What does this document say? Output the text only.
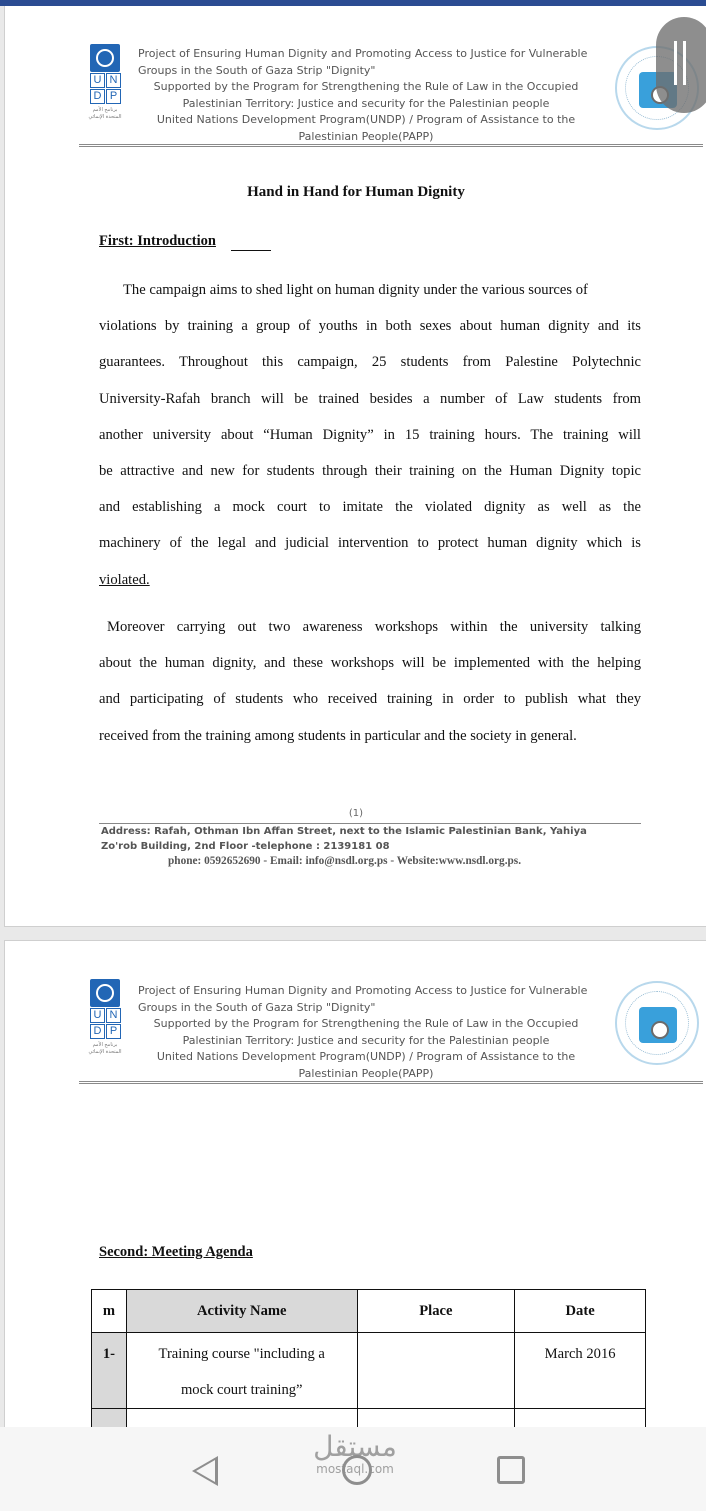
U N
D P
برنامج الأمم المتحدة الإنمائي
Project of Ensuring Human Dignity and Promoting Access to Justice for Vulnerable
Groups in the South of Gaza Strip "Dignity"
Supported by the Program for Strengthening the Rule of Law in the Occupied
Palestinian Territory: Justice and security for the Palestinian people
United Nations Development Program(UNDP) / Program of Assistance to the
Palestinian People(PAPP)
Hand in Hand for Human Dignity
First: Introduction
The campaign aims to shed light on human dignity under the various sources of
violations by training a group of youths in both sexes about human dignity and its
guarantees. Throughout this campaign, 25 students from Palestine Polytechnic
University-Rafah branch will be trained besides a number of Law students from
another university about “Human Dignity” in 15 training hours. The training will
be attractive and new for students through their training on the Human Dignity topic
and establishing a mock court to imitate the violated dignity as well as the
machinery of the legal and judicial intervention to protect human dignity which is
violated.
Moreover carrying out two awareness workshops within the university talking
about the human dignity, and these workshops will be implemented with the helping
and participating of students who received training in order to publish what they
received from the training among students in particular and the society in general.
(1)
Address: Rafah, Othman Ibn Affan Street, next to the Islamic Palestinian Bank, Yahiya Zo'rob Building, 2nd Floor -telephone : 2139181 08
phone: 0592652690 - Email: info@nsdl.org.ps - Website:www.nsdl.org.ps.
U N
D P
برنامج الأمم المتحدة الإنمائي
Project of Ensuring Human Dignity and Promoting Access to Justice for Vulnerable
Groups in the South of Gaza Strip "Dignity"
Supported by the Program for Strengthening the Rule of Law in the Occupied
Palestinian Territory: Justice and security for the Palestinian people
United Nations Development Program(UNDP) / Program of Assistance to the
Palestinian People(PAPP)
Second: Meeting Agenda
m	Activity Name	Place	Date
1-	Training course "including a
mock court training”		March 2016

مستقل
mostaql.com
